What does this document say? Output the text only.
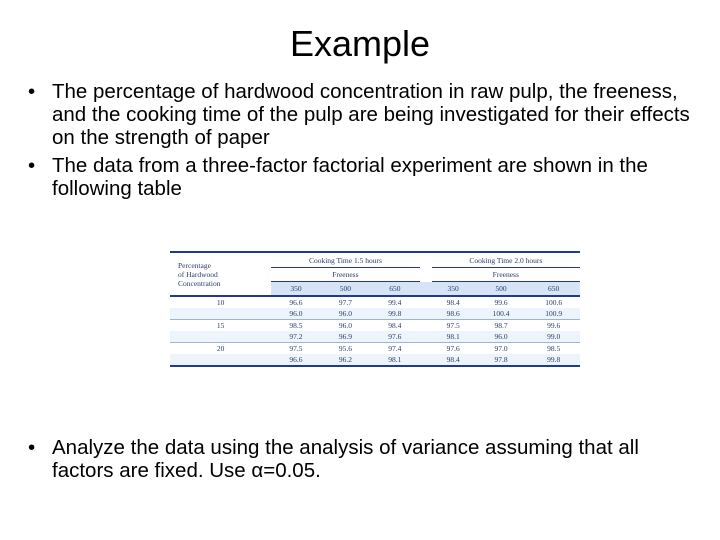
Example
• The percentage of hardwood concentration in raw pulp, the freeness, and the cooking time of the pulp are being investigated for their effects on the strength of paper
• The data from a three-factor factorial experiment are shown in the following table
Percentage
of Hardwood
Concentration	Cooking Time 1.5 hours				Cooking Time 2.0 hours		
	Freeness				Freeness		
	350	500	650		350	500	650
10	96.6	97.7	99.4		98.4	99.6	100.6
	96.0	96.0	99.8		98.6	100.4	100.9
15	98.5	96.0	98.4		97.5	98.7	99.6
	97.2	96.9	97.6		98.1	96.0	99.0
20	97.5	95.6	97.4		97.6	97.0	98.5
	96.6	96.2	98.1		98.4	97.8	99.8
• Analyze the data using the analysis of variance assuming that all factors are fixed. Use α=0.05.
